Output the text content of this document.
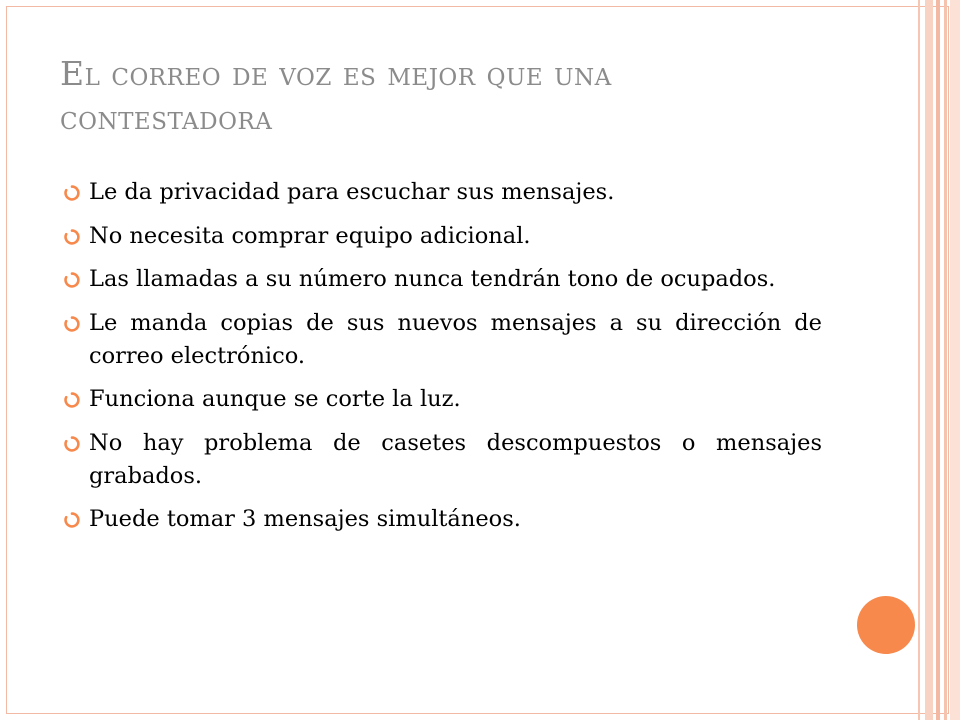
El correo de voz es mejor que una contestadora
Le da privacidad para escuchar sus mensajes.
No necesita comprar equipo adicional.
Las llamadas a su número nunca tendrán tono de ocupados.
Le manda copias de sus nuevos mensajes a su dirección de correo electrónico.
Funciona aunque se corte la luz.
No hay problema de casetes descompuestos o mensajes grabados.
Puede tomar 3 mensajes simultáneos.
